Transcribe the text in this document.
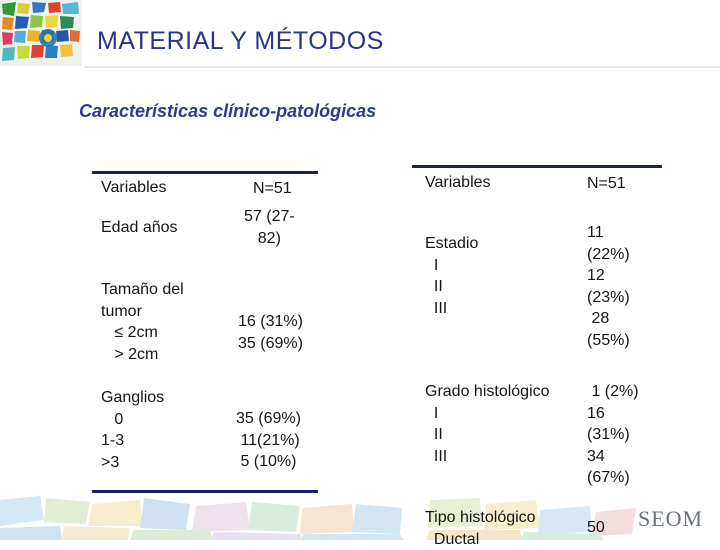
MATERIAL Y MÉTODOS
Características clínico-patológicas
Variables	N=51
Edad años
57 (27-
82)
Tamaño del
tumor
≤ 2cm
> 2cm
16 (31%)
35 (69%)
Ganglios
0
1-3
>3
35 (69%)
11(21%)
5 (10%)
Variables	N=51
Estadio
I
II
III
11
(22%)
12
(23%)
28
(55%)
Grado histológico
I
II
III
1 (2%)
16
(31%)
34
(67%)
Tipo histológico
Ductal
50 SEOM
